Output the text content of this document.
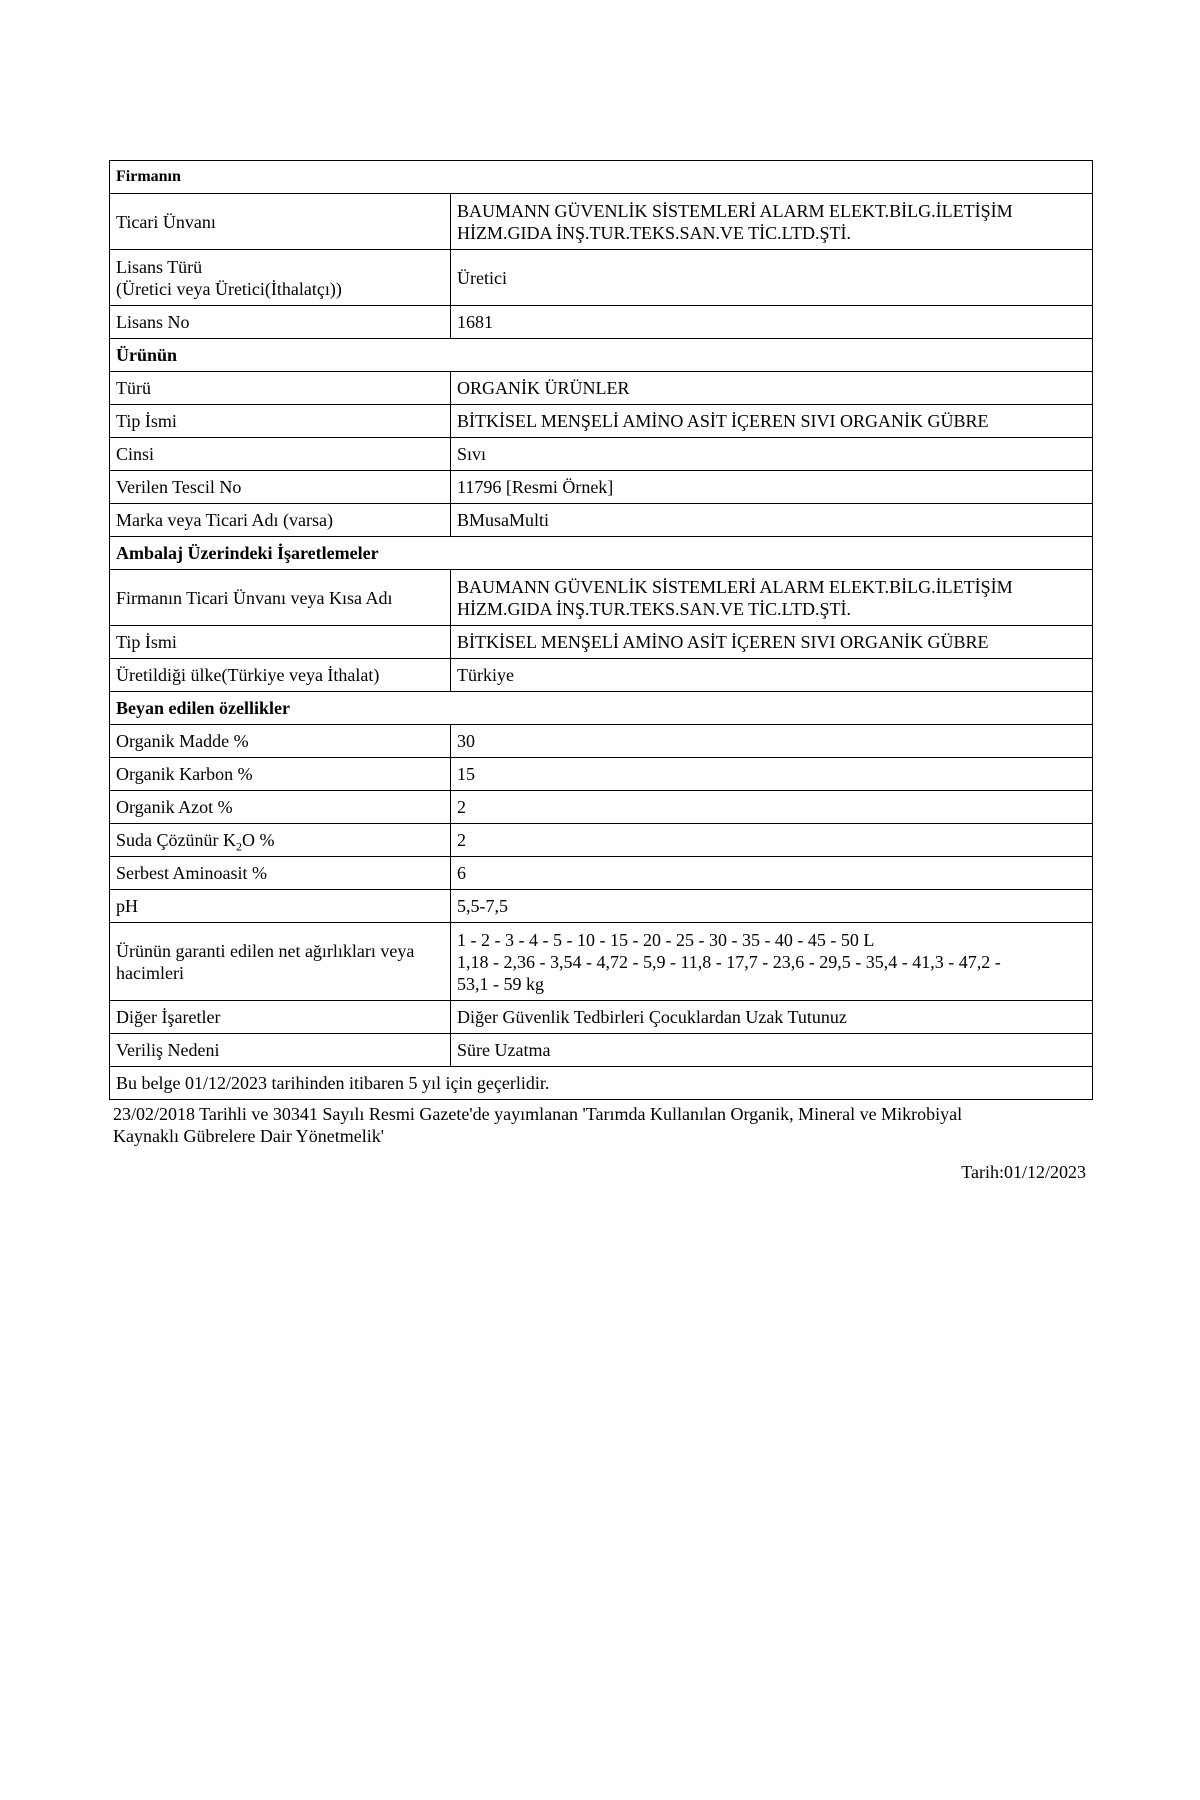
Firmanın	
Ticari Ünvanı	BAUMANN GÜVENLİK SİSTEMLERİ ALARM ELEKT.BİLG.İLETİŞİM
HİZM.GIDA İNŞ.TUR.TEKS.SAN.VE TİC.LTD.ŞTİ.

Lisans Türü
(Üretici veya Üretici(İthalatçı))	Üretici
Lisans No	1681
Ürünün	
Türü	ORGANİK ÜRÜNLER
Tip İsmi	BİTKİSEL MENŞELİ AMİNO ASİT İÇEREN SIVI ORGANİK GÜBRE
Cinsi	Sıvı
Verilen Tescil No	11796 [Resmi Örnek]
Marka veya Ticari Adı (varsa)	BMusaMulti
Ambalaj Üzerindeki İşaretlemeler	
Firmanın Ticari Ünvanı veya Kısa Adı	BAUMANN GÜVENLİK SİSTEMLERİ ALARM ELEKT.BİLG.İLETİŞİM
HİZM.GIDA İNŞ.TUR.TEKS.SAN.VE TİC.LTD.ŞTİ.

Tip İsmi	BİTKİSEL MENŞELİ AMİNO ASİT İÇEREN SIVI ORGANİK GÜBRE
Üretildiği ülke(Türkiye veya İthalat)	Türkiye
Beyan edilen özellikler	
Organik Madde %	30
Organik Karbon %	15
Organik Azot %	2
Suda Çözünür $K_2O$ %	2
Serbest Aminoasit %	6
pH	5,5-7,5

Ürünün garanti edilen net ağırlıkları veya
hacimleri	1 - 2 - 3 - 4 - 5 - 10 - 15 - 20 - 25 - 30 - 35 - 40 - 45 - 50 L
1,18 - 2,36 - 3,54 - 4,72 - 5,9 - 11,8 - 17,7 - 23,6 - 29,5 - 35,4 - 41,3 - 47,2 -
53,1 - 59 kg

Diğer İşaretler	Diğer Güvenlik Tedbirleri Çocuklardan Uzak Tutunuz
Veriliş Nedeni	Süre Uzatma
Bu belge 01/12/2023 tarihinden itibaren 5 yıl için geçerlidir.	
23/02/2018 Tarihli ve 30341 Sayılı Resmi Gazete'de yayımlanan 'Tarımda Kullanılan Organik, Mineral ve Mikrobiyal
Kaynaklı Gübrelere Dair Yönetmelik'
Tarih:01/12/2023
